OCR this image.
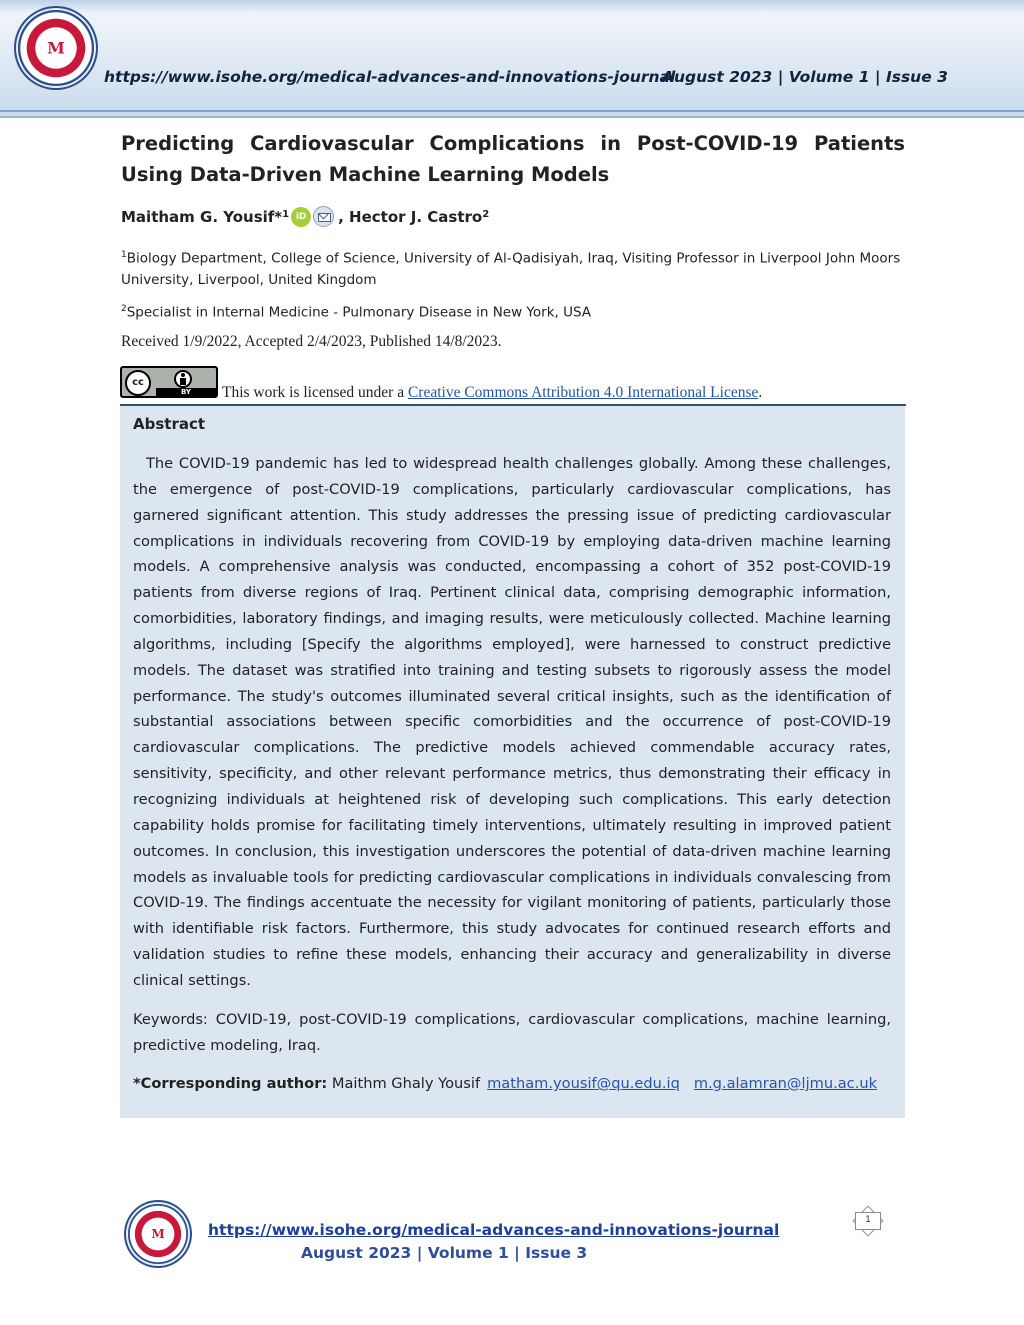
M
https://www.isohe.org/medical-advances-and-innovations-journal
August 2023 | Volume 1 | Issue 3
Predicting Cardiovascular Complications in Post-COVID-19 Patients Using Data-Driven Machine Learning Models
Maitham G. Yousif*$^1$ iD	, Hector J. Castro$^2$

$^1$Biology Department, College of Science, University of Al-Qadisiyah, Iraq, Visiting Professor in Liverpool John Moors University, Liverpool, United Kingdom

$^2$Specialist in Internal Medicine - Pulmonary Disease in New York, USA

Received 1/9/2022, Accepted 2/4/2023, Published 14/8/2023.

cc
BY	This work is licensed under a Creative Commons Attribution 4.0 International License.

Abstract

The COVID-19 pandemic has led to widespread health challenges globally. Among these challenges, the emergence of post-COVID-19 complications, particularly cardiovascular complications, has garnered significant attention. This study addresses the pressing issue of predicting cardiovascular complications in individuals recovering from COVID-19 by employing data-driven machine learning models. A comprehensive analysis was conducted, encompassing a cohort of 352 post-COVID-19 patients from diverse regions of Iraq. Pertinent clinical data, comprising demographic information, comorbidities, laboratory findings, and imaging results, were meticulously collected. Machine learning algorithms, including [Specify the algorithms employed], were harnessed to construct predictive models. The dataset was stratified into training and testing subsets to rigorously assess the model performance. The study's outcomes illuminated several critical insights, such as the identification of substantial associations between specific comorbidities and the occurrence of post-COVID-19 cardiovascular complications. The predictive models achieved commendable accuracy rates, sensitivity, specificity, and other relevant performance metrics, thus demonstrating their efficacy in recognizing individuals at heightened risk of developing such complications. This early detection capability holds promise for facilitating timely interventions, ultimately resulting in improved patient outcomes. In conclusion, this investigation underscores the potential of data-driven machine learning models as invaluable tools for predicting cardiovascular complications in individuals convalescing from COVID-19. The findings accentuate the necessity for vigilant monitoring of patients, particularly those with identifiable risk factors. Furthermore, this study advocates for continued research efforts and validation studies to refine these models, enhancing their accuracy and generalizability in diverse clinical settings.

Keywords: COVID-19, post-COVID-19 complications, cardiovascular complications, machine learning, predictive modeling, Iraq.

*Corresponding author: Maithm Ghaly Yousif matham.yousif@qu.edu.iq m.g.alamran@ljmu.ac.uk

M	https://www.isohe.org/medical-advances-and-innovations-journal
August 2023 | Volume 1 | Issue 3
1
